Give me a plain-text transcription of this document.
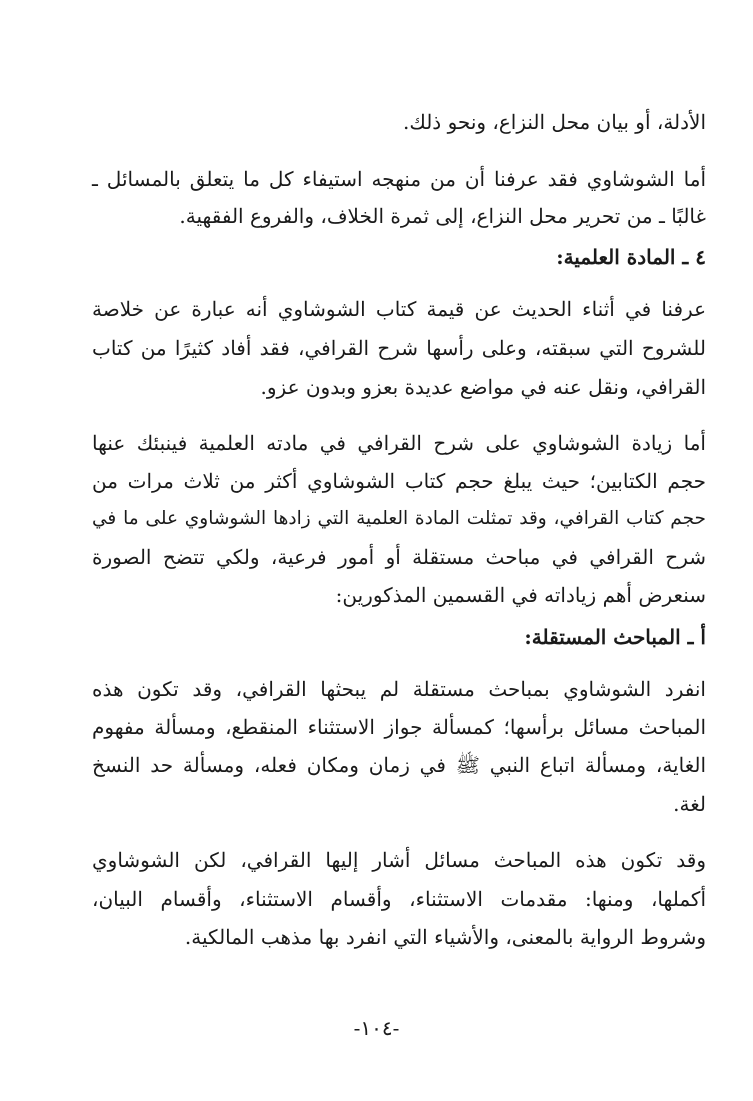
الأدلة، أو بيان محل النزاع، ونحو ذلك.
أما الشوشاوي فقد عرفنا أن من منهجه استيفاء كل ما يتعلق بالمسائل ـ
غالبًا ـ من تحرير محل النزاع، إلى ثمرة الخلاف، والفروع الفقهية.
٤ ـ المادة العلمية:
عرفنا في أثناء الحديث عن قيمة كتاب الشوشاوي أنه عبارة عن خلاصة
للشروح التي سبقته، وعلى رأسها شرح القرافي، فقد أفاد كثيرًا من كتاب
القرافي، ونقل عنه في مواضع عديدة بعزو وبدون عزو.
أما زيادة الشوشاوي على شرح القرافي في مادته العلمية فينبئك عنها
حجم الكتابين؛ حيث يبلغ حجم كتاب الشوشاوي أكثر من ثلاث مرات من
حجم كتاب القرافي، وقد تمثلت المادة العلمية التي زادها الشوشاوي على ما في
شرح القرافي في مباحث مستقلة أو أمور فرعية، ولكي تتضح الصورة
سنعرض أهم زياداته في القسمين المذكورين:
أ ـ المباحث المستقلة:
انفرد الشوشاوي بمباحث مستقلة لم يبحثها القرافي، وقد تكون هذه
المباحث مسائل برأسها؛ كمسألة جواز الاستثناء المنقطع، ومسألة مفهوم
الغاية، ومسألة اتباع النبي ﷺ في زمان ومكان فعله، ومسألة حد النسخ
لغة.
وقد تكون هذه المباحث مسائل أشار إليها القرافي، لكن الشوشاوي
أكملها، ومنها: مقدمات الاستثناء، وأقسام الاستثناء، وأقسام البيان،
وشروط الرواية بالمعنى، والأشياء التي انفرد بها مذهب المالكية.
-١٠٤-
